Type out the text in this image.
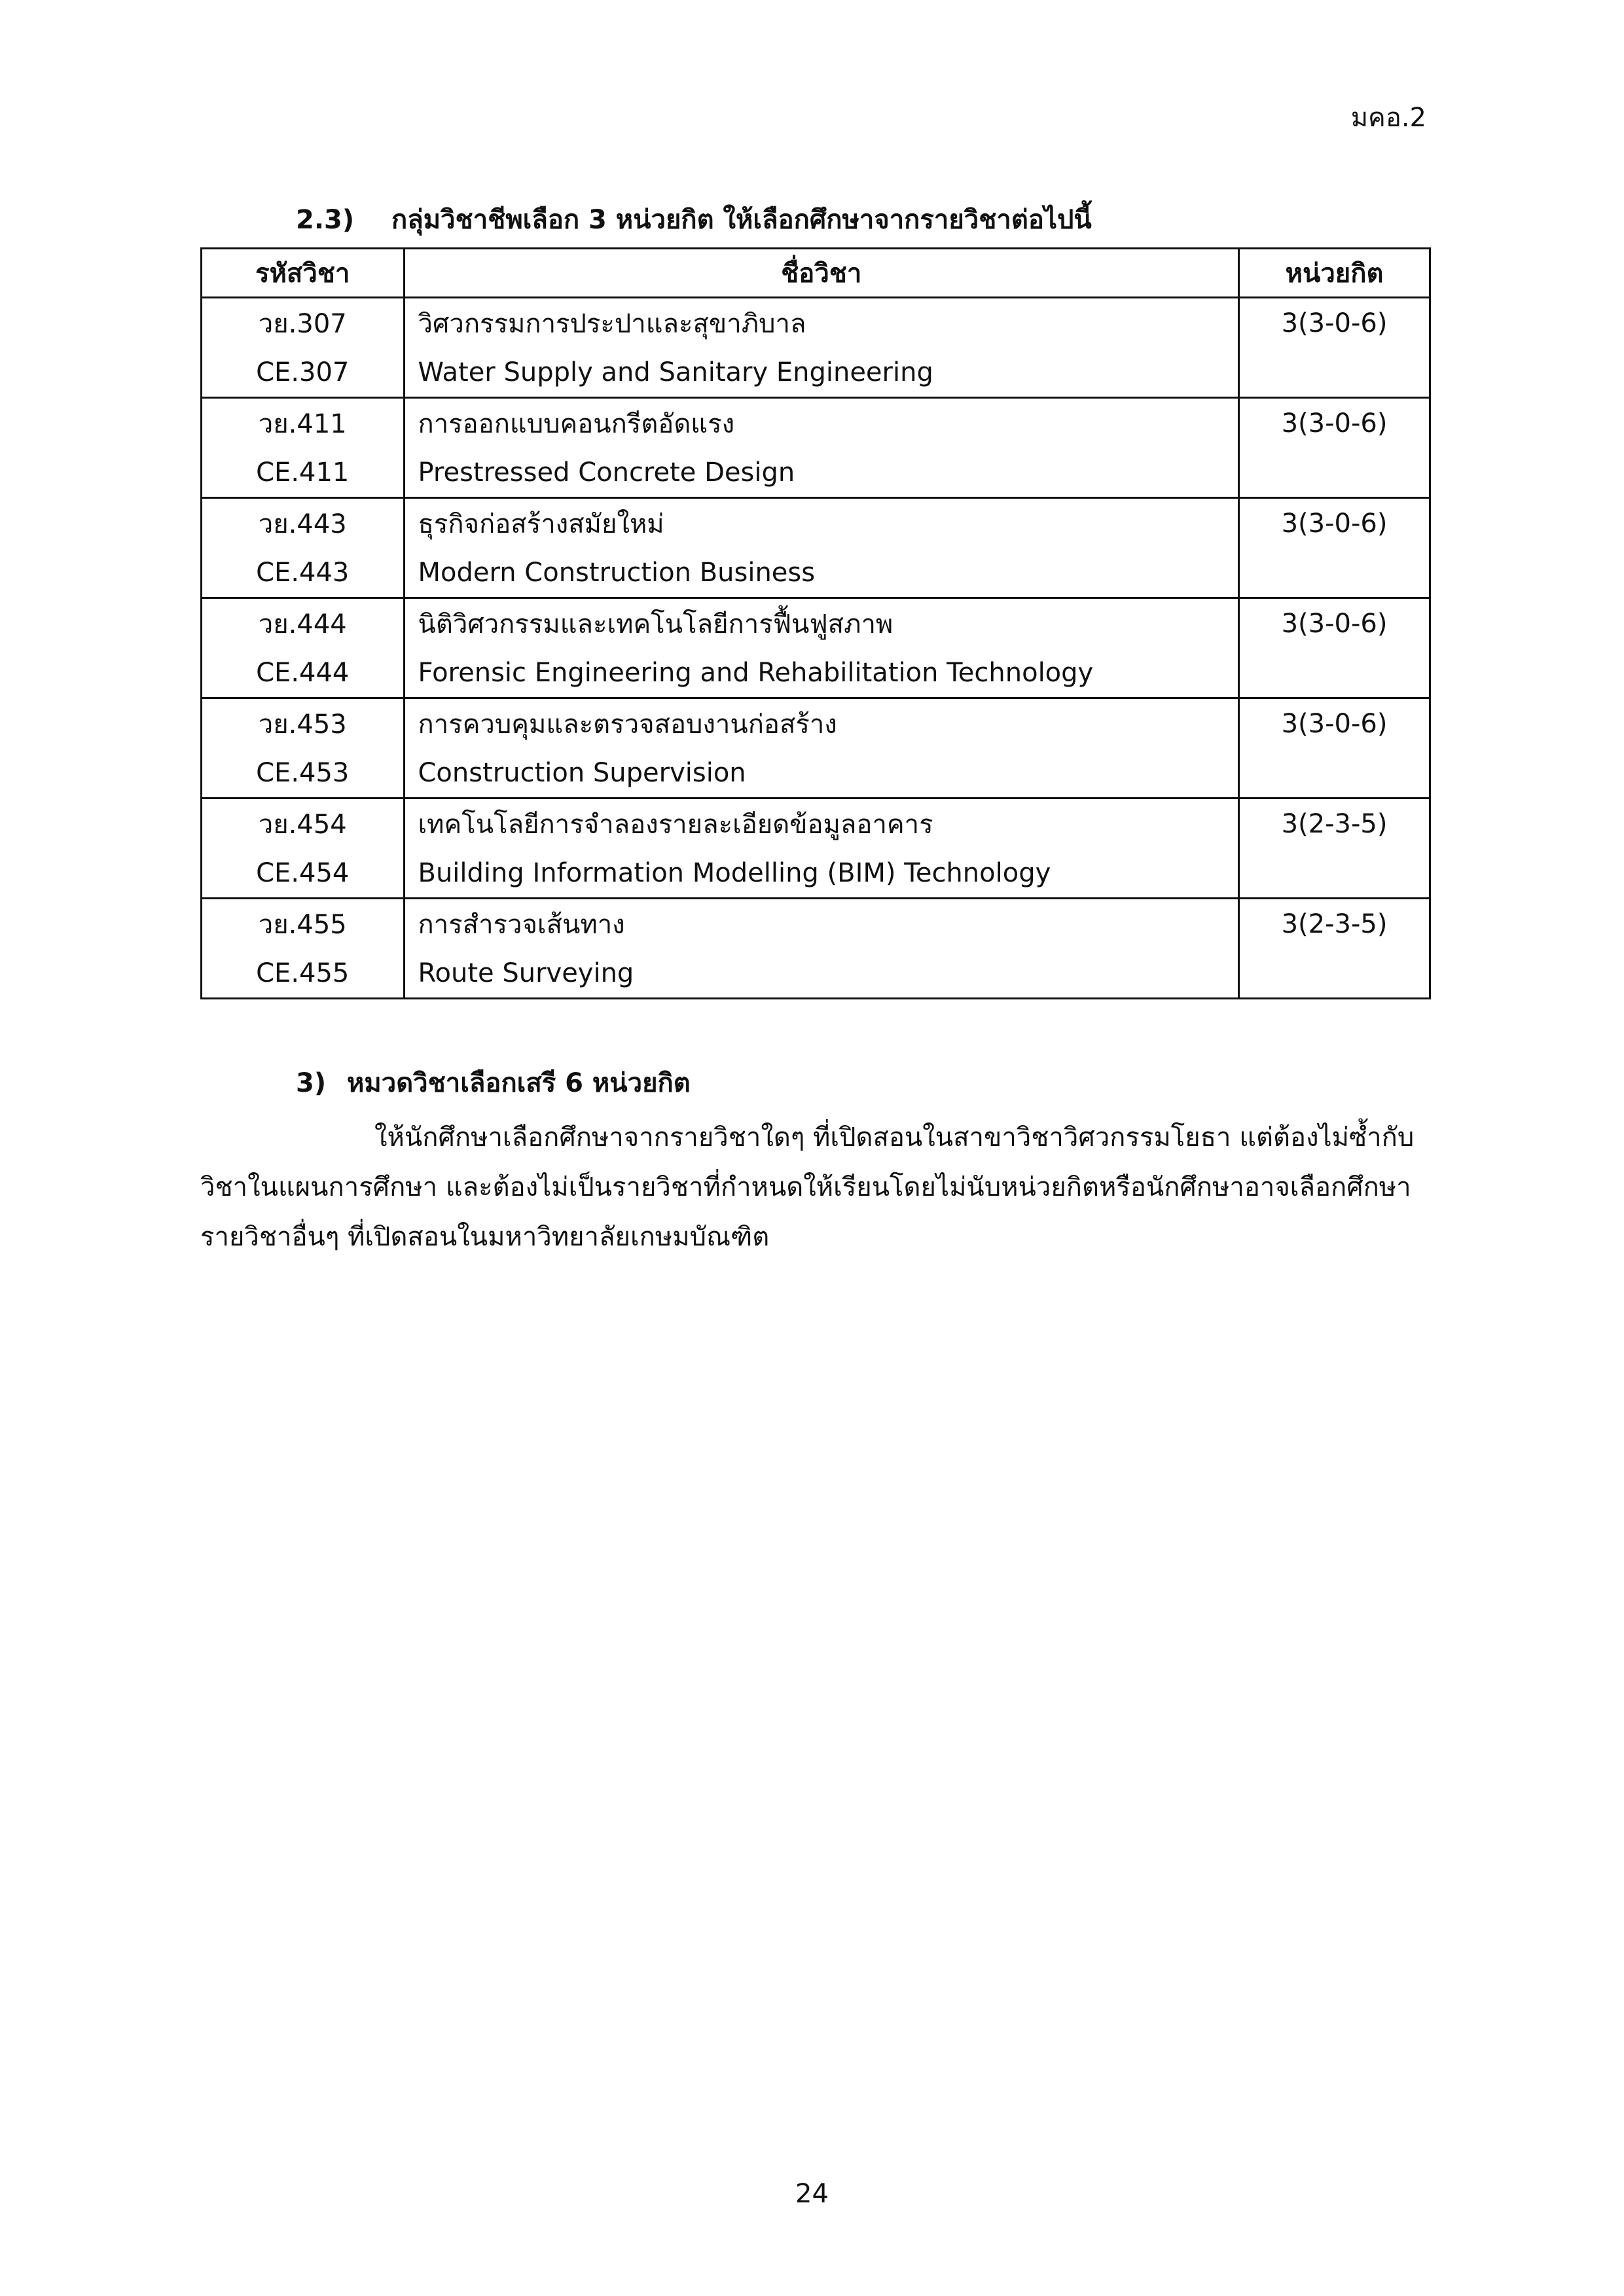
มคอ.2
2.3) กลุ่มวิชาชีพเลือก 3 หน่วยกิต ให้เลือกศึกษาจากรายวิชาต่อไปนี้
รหัสวิชา	ชื่อวิชา	หน่วยกิต
วย.307	วิศวกรรมการประปาและสุขาภิบาล	3(3-0-6)
CE.307	Water Supply and Sanitary Engineering	
วย.411	การออกแบบคอนกรีตอัดแรง	3(3-0-6)
CE.411	Prestressed Concrete Design	
วย.443	ธุรกิจก่อสร้างสมัยใหม่	3(3-0-6)
CE.443	Modern Construction Business	
วย.444	นิติวิศวกรรมและเทคโนโลยีการฟื้นฟูสภาพ	3(3-0-6)
CE.444	Forensic Engineering and Rehabilitation Technology	
วย.453	การควบคุมและตรวจสอบงานก่อสร้าง	3(3-0-6)
CE.453	Construction Supervision	
วย.454	เทคโนโลยีการจำลองรายละเอียดข้อมูลอาคาร	3(2-3-5)
CE.454	Building Information Modelling (BIM) Technology	
วย.455	การสำรวจเส้นทาง	3(2-3-5)
CE.455	Route Surveying	
3) หมวดวิชาเลือกเสรี 6 หน่วยกิต
ให้นักศึกษาเลือกศึกษาจากรายวิชาใดๆ ที่เปิดสอนในสาขาวิชาวิศวกรรมโยธา แต่ต้องไม่ซ้ำกับ
วิชาในแผนการศึกษา และต้องไม่เป็นรายวิชาที่กำหนดให้เรียนโดยไม่นับหน่วยกิตหรือนักศึกษาอาจเลือกศึกษา
รายวิชาอื่นๆ ที่เปิดสอนในมหาวิทยาลัยเกษมบัณฑิต
24
